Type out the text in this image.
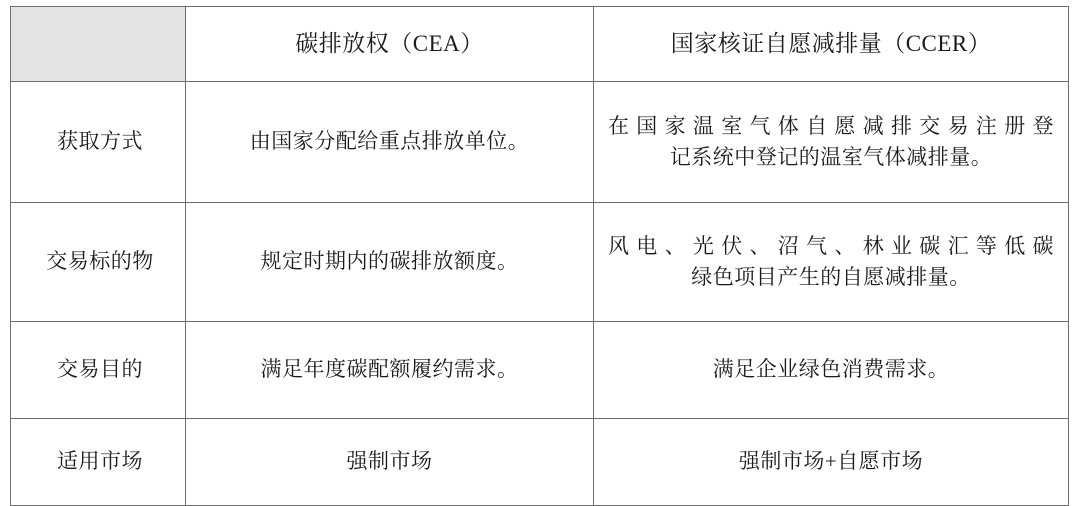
	碳排放权（CEA）	国家核证自愿减排量（CCER）
获取方式	由国家分配给重点排放单位。	在国家温室气体自愿减排交易注册登
记系统中登记的温室气体减排量。

交易标的物	规定时期内的碳排放额度。	风电、光伏、沼气、林业碳汇等低碳
绿色项目产生的自愿减排量。

交易目的	满足年度碳配额履约需求。	满足企业绿色消费需求。
适用市场	强制市场	强制市场+自愿市场
